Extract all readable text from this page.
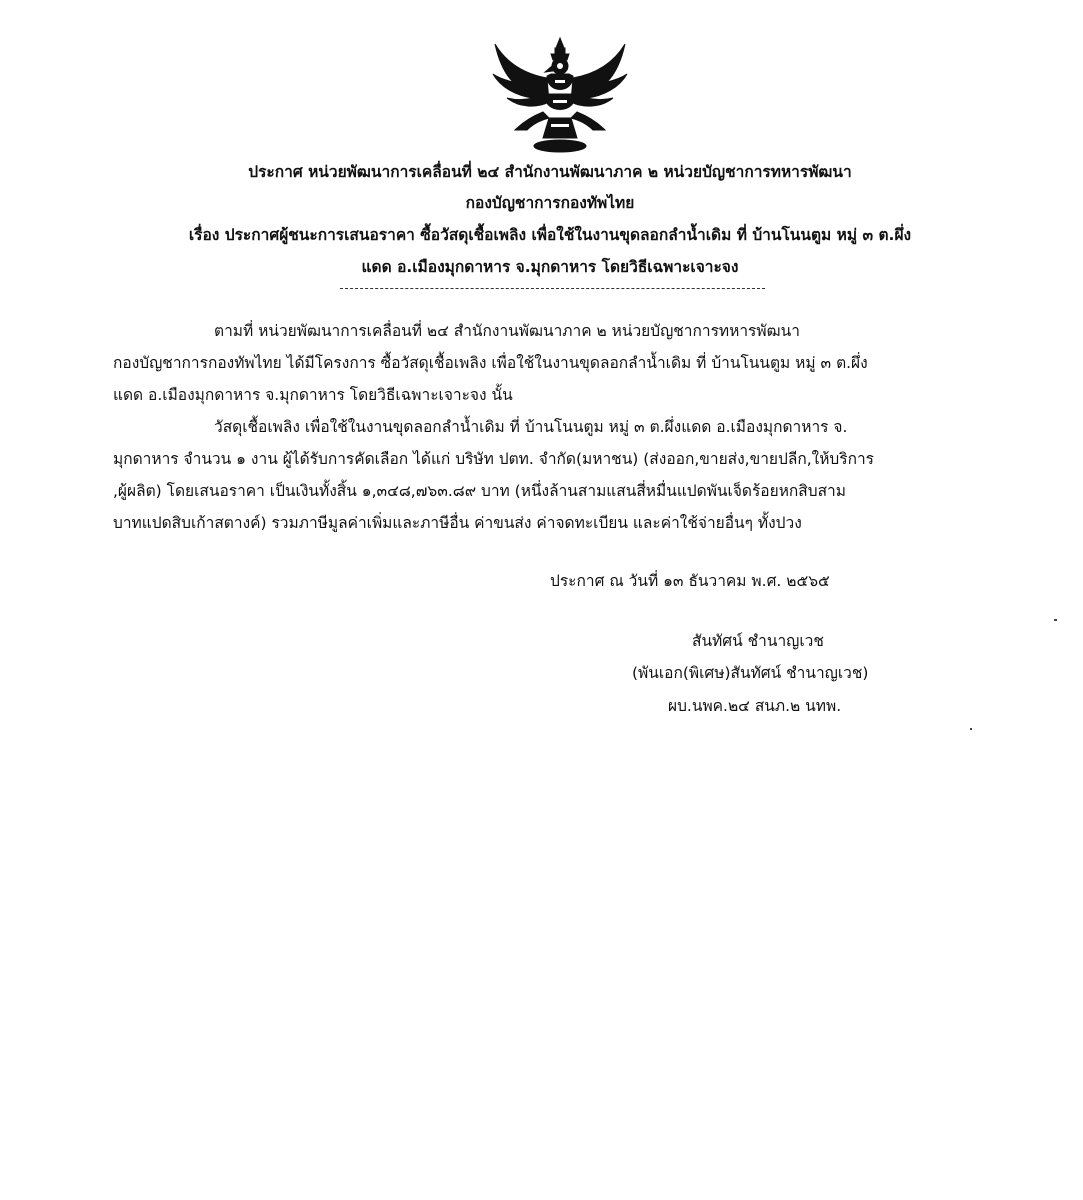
ประกาศ หน่วยพัฒนาการเคลื่อนที่ ๒๔ สำนักงานพัฒนาภาค ๒ หน่วยบัญชาการทหารพัฒนา
กองบัญชาการกองทัพไทย
เรื่อง ประกาศผู้ชนะการเสนอราคา ซื้อวัสดุเชื้อเพลิง เพื่อใช้ในงานขุดลอกลำน้ำเดิม ที่ บ้านโนนตูม หมู่ ๓ ต.ผึ่ง
แดด อ.เมืองมุกดาหาร จ.มุกดาหาร โดยวิธีเฉพาะเจาะจง
ตามที่ หน่วยพัฒนาการเคลื่อนที่ ๒๔ สำนักงานพัฒนาภาค ๒ หน่วยบัญชาการทหารพัฒนา
กองบัญชาการกองทัพไทย ได้มีโครงการ ซื้อวัสดุเชื้อเพลิง เพื่อใช้ในงานขุดลอกลำน้ำเดิม ที่ บ้านโนนตูม หมู่ ๓ ต.ผึ่ง
แดด อ.เมืองมุกดาหาร จ.มุกดาหาร โดยวิธีเฉพาะเจาะจง นั้น
วัสดุเชื้อเพลิง เพื่อใช้ในงานขุดลอกลำน้ำเดิม ที่ บ้านโนนตูม หมู่ ๓ ต.ผึ่งแดด อ.เมืองมุกดาหาร จ.
มุกดาหาร จำนวน ๑ งาน ผู้ได้รับการคัดเลือก ได้แก่ บริษัท ปตท. จำกัด(มหาชน) (ส่งออก,ขายส่ง,ขายปลีก,ให้บริการ
,ผู้ผลิต) โดยเสนอราคา เป็นเงินทั้งสิ้น ๑,๓๔๘,๗๖๓.๘๙ บาท (หนึ่งล้านสามแสนสี่หมื่นแปดพันเจ็ดร้อยหกสิบสาม
บาทแปดสิบเก้าสตางค์) รวมภาษีมูลค่าเพิ่มและภาษีอื่น ค่าขนส่ง ค่าจดทะเบียน และค่าใช้จ่ายอื่นๆ ทั้งปวง
ประกาศ ณ วันที่ ๑๓ ธันวาคม พ.ศ. ๒๕๖๕
สันทัศน์ ชำนาญเวช
(พันเอก(พิเศษ)สันทัศน์ ชำนาญเวช)
ผบ.นพค.๒๔ สนภ.๒ นทพ.
